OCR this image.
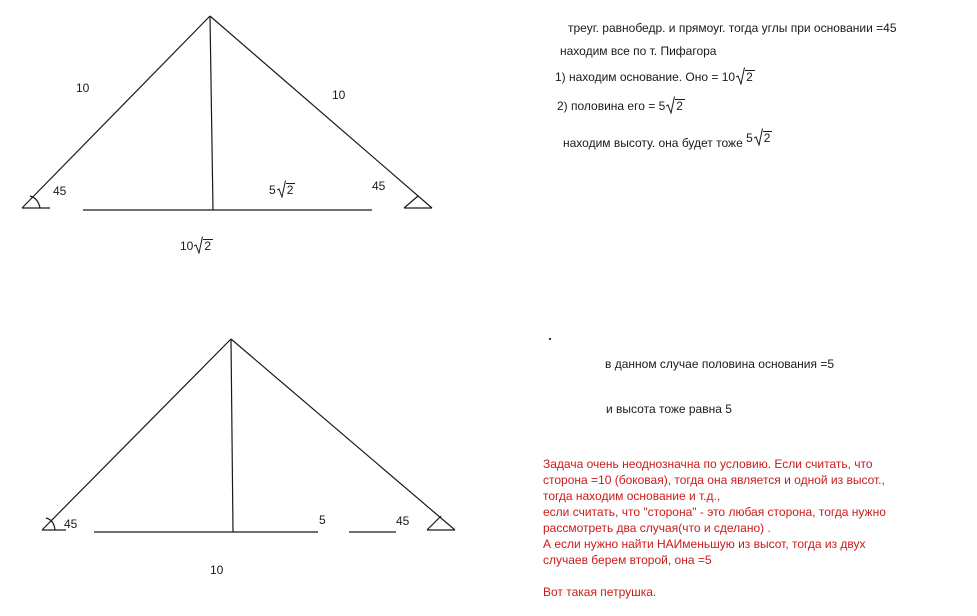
10	10
45	45
5 2
10 2
45	5	45
10
треуг. равнобедр. и прямоуг. тогда углы при основании =45
находим все по т. Пифагора
1) находим основание. Оно = 10 2
2) половина его = 5 2
находим высоту. она будет тоже 5 2
в данном случае половина основания =5
и высота тоже равна 5
Задача очень неоднозначна по условию. Если считать, что
сторона =10 (боковая), тогда она является и одной из высот.,
тогда находим основание и т.д.,
если считать, что "сторона" - это любая сторона, тогда нужно
рассмотреть два случая(что и сделано) .
А если нужно найти НАИменьшую из высот, тогда из двух
случаев берем второй, она =5

Вот такая петрушка.
